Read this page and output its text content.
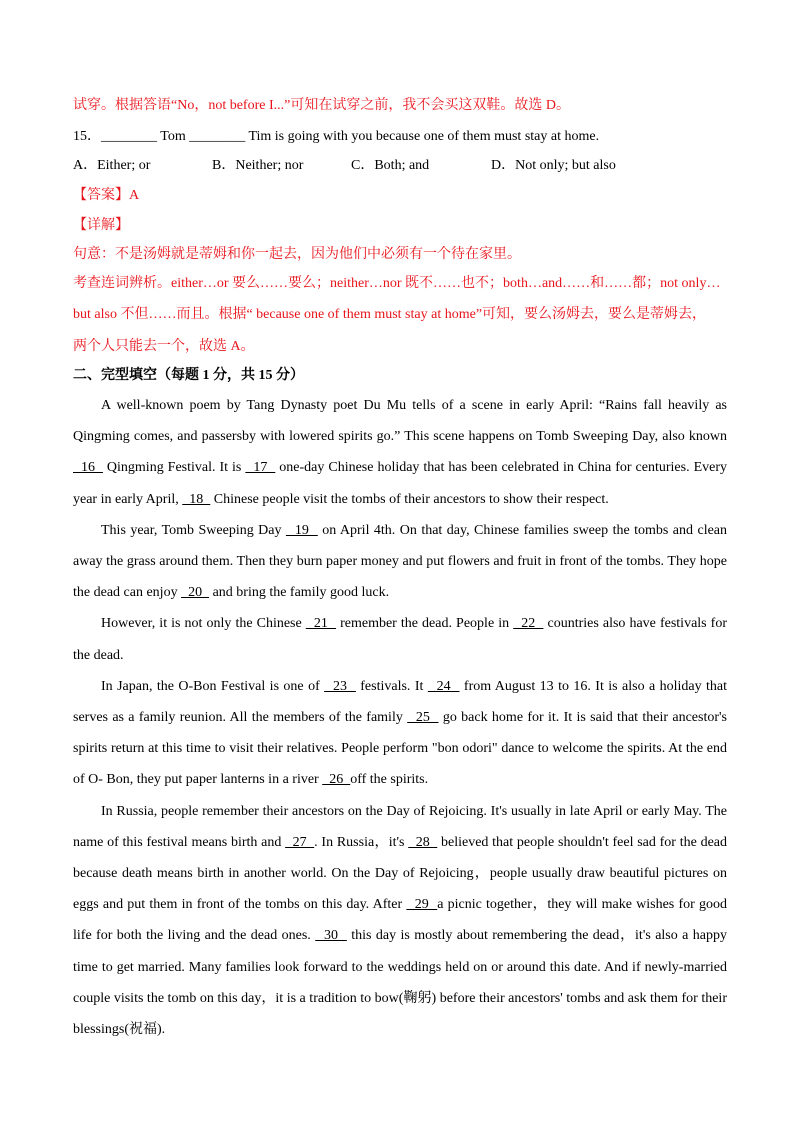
试穿。根据答语“No，not before I...”可知在试穿之前，我不会买这双鞋。故选 D。
15．________ Tom ________ Tim is going with you because one of them must stay at home.
A．Either; or	B．Neither; nor	C．Both; and	D．Not only; but also
【答案】A
【详解】
句意：不是汤姆就是蒂姆和你一起去，因为他们中必须有一个待在家里。
考查连词辨析。either…or 要么……要么；neither…nor 既不……也不；both…and……和……都；not only…
but also 不但……而且。根据“ because one of them must stay at home”可知，要么汤姆去，要么是蒂姆去，
两个人只能去一个，故选 A。
二、完型填空（每题 1 分，共 15 分）

A well-known poem by Tang Dynasty poet Du Mu tells of a scene in early April: “Rains fall heavily as Qingming comes, and passersby with lowered spirits go.” This scene happens on Tomb Sweeping Day, also known   16   Qingming Festival. It is   17   one-day Chinese holiday that has been celebrated in China for centuries. Every year in early April,   18   Chinese people visit the tombs of their ancestors to show their respect.

This year, Tomb Sweeping Day   19   on April 4th. On that day, Chinese families sweep the tombs and clean away the grass around them. Then they burn paper money and put flowers and fruit in front of the tombs. They hope the dead can enjoy   20   and bring the family good luck.

However, it is not only the Chinese   21   remember the dead. People in   22   countries also have festivals for the dead.

In Japan, the O-Bon Festival is one of   23   festivals. It   24   from August 13 to 16. It is also a holiday that serves as a family reunion. All the members of the family   25   go back home for it. It is said that their ancestor's spirits return at this time to visit their relatives. People perform "bon odori" dance to welcome the spirits. At the end of O- Bon, they put paper lanterns in a river   26  off the spirits.

In Russia, people remember their ancestors on the Day of Rejoicing. It's usually in late April or early May. The name of this festival means birth and   27  . In Russia，it's   28   believed that people shouldn't feel sad for the dead because death means birth in another world. On the Day of Rejoicing，people usually draw beautiful pictures on eggs and put them in front of the tombs on this day. After   29  a picnic together，they will make wishes for good life for both the living and the dead ones.   30   this day is mostly about remembering the dead，it's also a happy time to get married. Many families look forward to the weddings held on or around this date. And if newly-married couple visits the tomb on this day，it is a tradition to bow(鞠躬) before their ancestors' tombs and ask them for their blessings(祝福).
